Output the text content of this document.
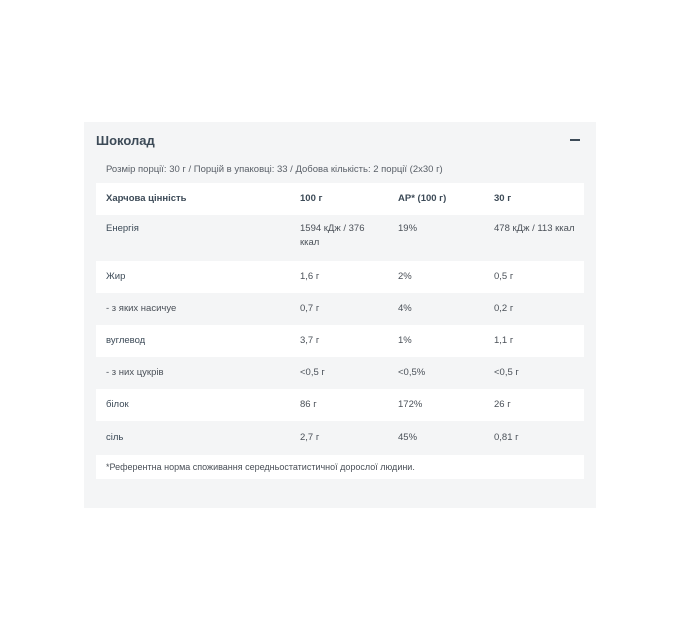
Шоколад
Розмір порції: 30 г / Порцій в упаковці: 33 / Добова кількість: 2 порції (2х30 г)
Харчова цінність	100 г	АР* (100 г)	30 г
Енергія	1594 кДж / 376 ккал	19%	478 кДж / 113 ккал

Жир	1,6 г	2%	0,5 г
- з яких насичуе	0,7 г	4%	0,2 г
вуглевод	3,7 г	1%	1,1 г
- з них цукрів	<0,5 г	<0,5%	<0,5 г
білок	86 г	172%	26 г
сіль	2,7 г	45%	0,81 г
*Референтна норма споживання середньостатистичної дорослої людини.
